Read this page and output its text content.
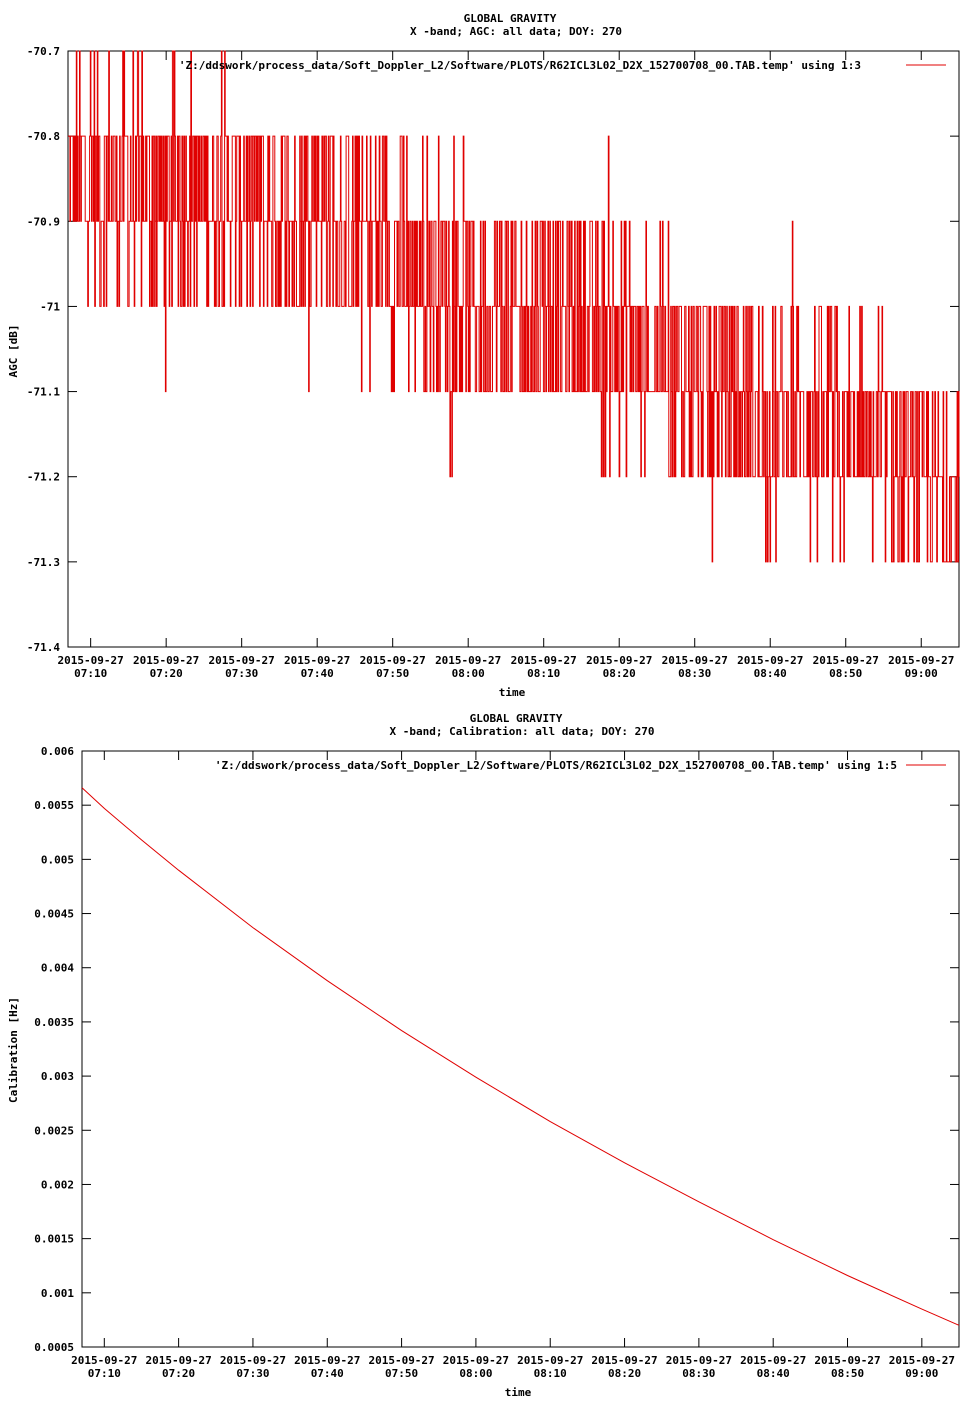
GLOBAL GRAVITY
X -band; AGC: all data; DOY: 270
-70.7
-70.8
-70.9
-71
-71.1
-71.2
-71.3
-71.4
2015-09-27
07:10
2015-09-27
07:20
2015-09-27
07:30
2015-09-27
07:40
2015-09-27
07:50
2015-09-27
08:00
2015-09-27
08:10
2015-09-27
08:20
2015-09-27
08:30
2015-09-27
08:40
2015-09-27
08:50
2015-09-27
09:00
'Z:/ddswork/process_data/Soft_Doppler_L2/Software/PLOTS/R62ICL3L02_D2X_152700708_00.TAB.temp' using 1:3
AGC [dB]
time
GLOBAL GRAVITY
X -band; Calibration: all data; DOY: 270
0.006
0.0055
0.005
0.0045
0.004
0.0035
0.003
0.0025
0.002
0.0015
0.001
0.0005
2015-09-27
07:10
2015-09-27
07:20
2015-09-27
07:30
2015-09-27
07:40
2015-09-27
07:50
2015-09-27
08:00
2015-09-27
08:10
2015-09-27
08:20
2015-09-27
08:30
2015-09-27
08:40
2015-09-27
08:50
2015-09-27
09:00
'Z:/ddswork/process_data/Soft_Doppler_L2/Software/PLOTS/R62ICL3L02_D2X_152700708_00.TAB.temp' using 1:5
Calibration [Hz]
time
